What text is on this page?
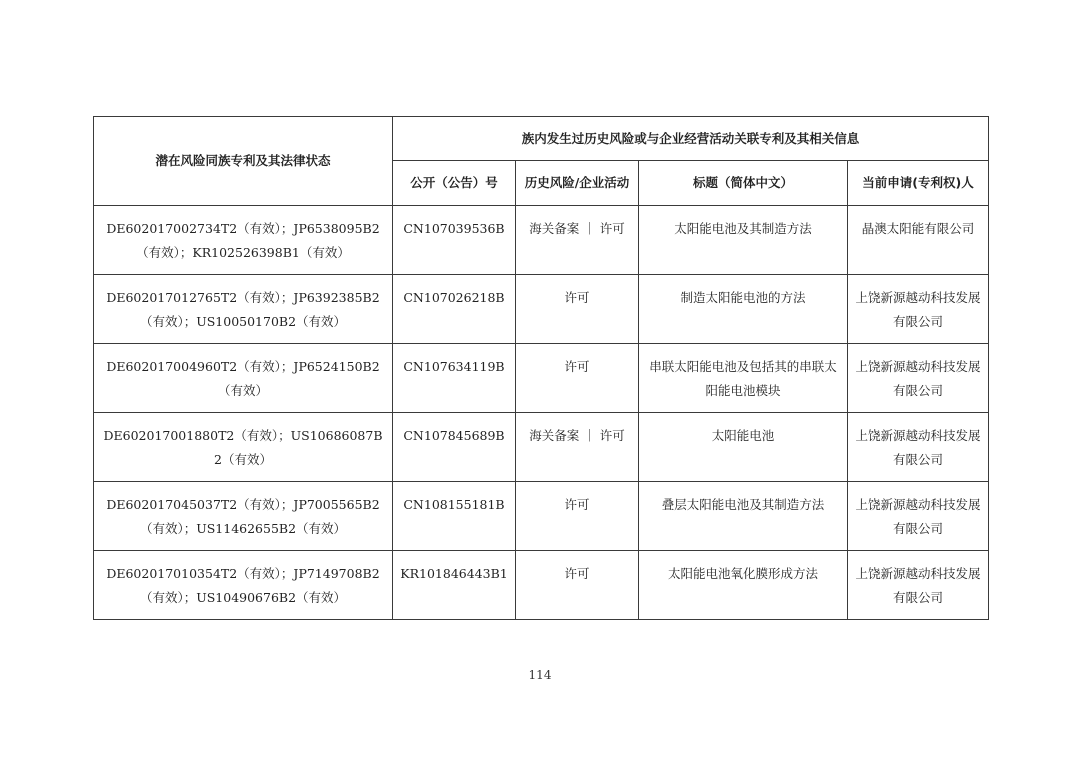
潜在风险同族专利及其法律状态	族内发生过历史风险或与企业经营活动关联专利及其相关信息			
	公开（公告）号	历史风险/企业活动	标题（简体中文）	当前申请(专利权)人

DE602017002734T2（有效）；JP6538095B2（有效）；KR102526398B1（有效）	CN107039536B	海关备案 ｜ 许可	太阳能电池及其制造方法	晶澳太阳能有限公司

DE602017012765T2（有效）；JP6392385B2（有效）；US10050170B2（有效）	CN107026218B	许可	制造太阳能电池的方法	上饶新源越动科技发展有限公司

DE602017004960T2（有效）；JP6524150B2（有效）	CN107634119B	许可	串联太阳能电池及包括其的串联太阳能电池模块	上饶新源越动科技发展有限公司

DE602017001880T2（有效）；US10686087B2（有效）	CN107845689B	海关备案 ｜ 许可	太阳能电池	上饶新源越动科技发展有限公司

DE602017045037T2（有效）；JP7005565B2（有效）；US11462655B2（有效）	CN108155181B	许可	叠层太阳能电池及其制造方法	上饶新源越动科技发展有限公司

DE602017010354T2（有效）；JP7149708B2（有效）；US10490676B2（有效）	KR101846443B1	许可	太阳能电池氧化膜形成方法	上饶新源越动科技发展有限公司
114
